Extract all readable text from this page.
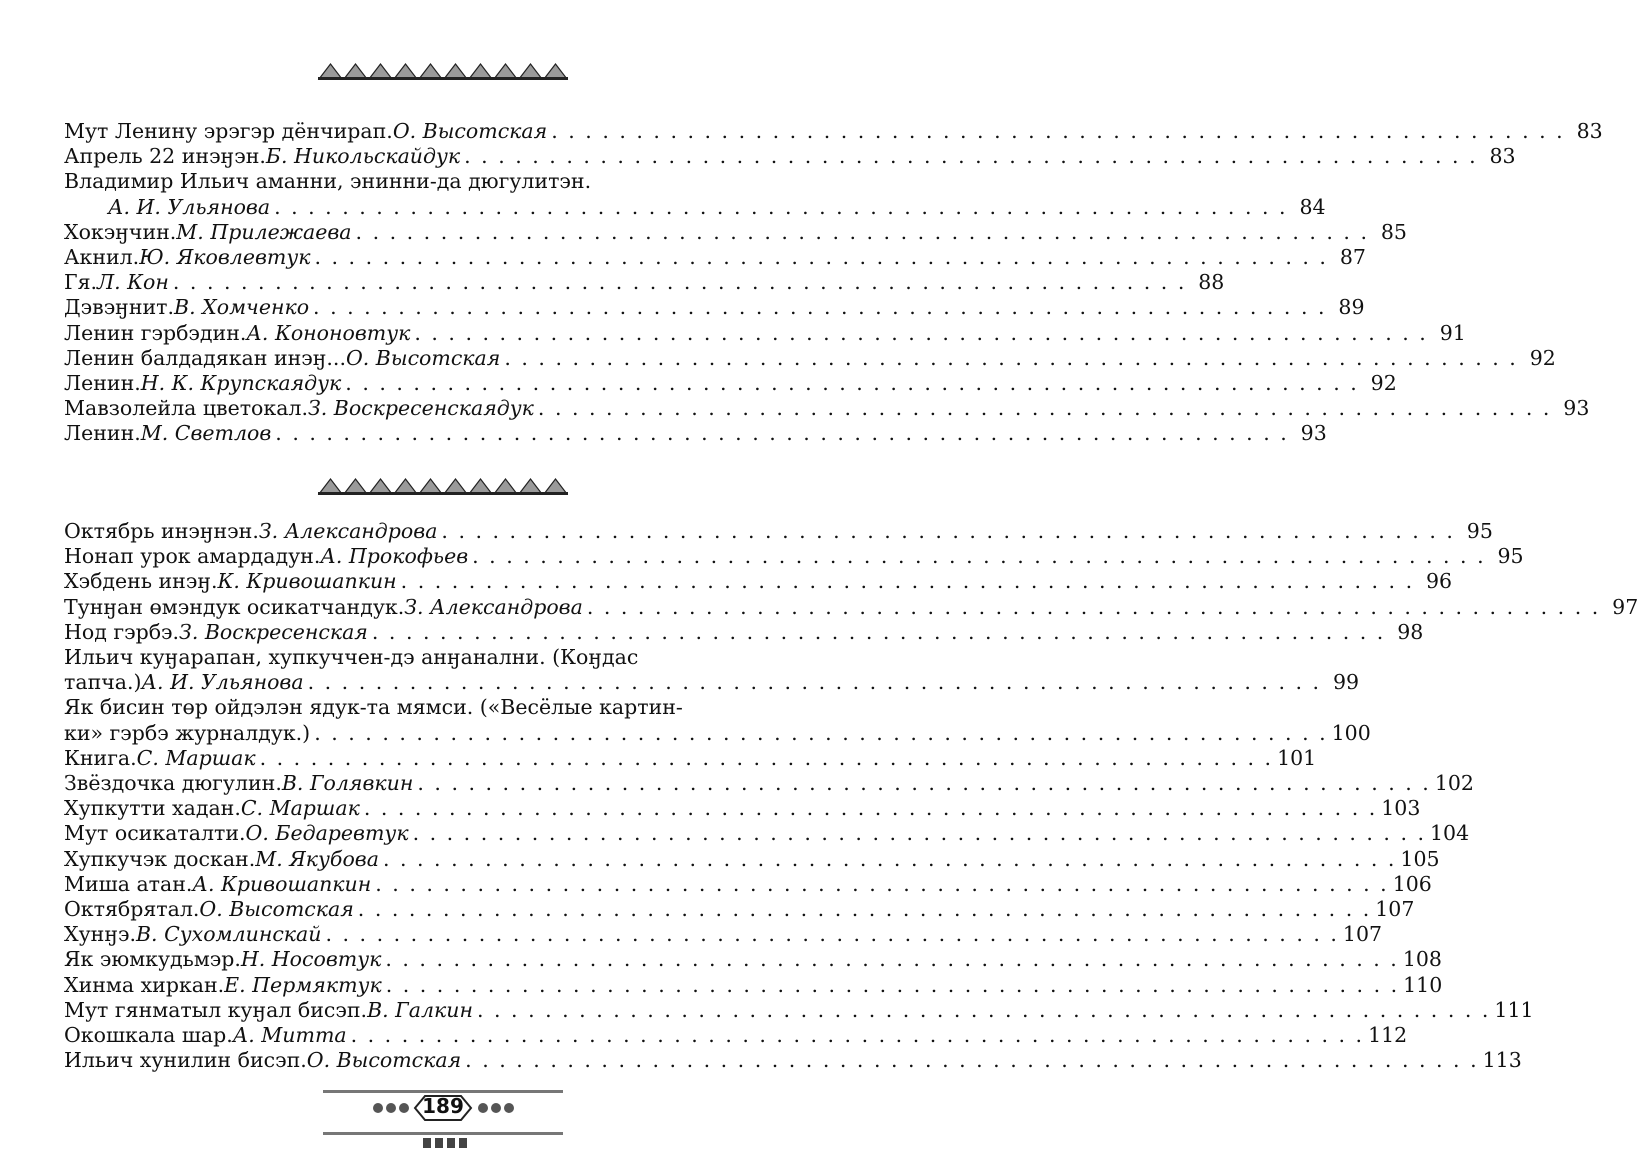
Мут Ленину эрэгэр дёнчирап. О. Высотская . . .	83
Апрель 22 инэӈэн. Б. Никольскайдук . . .	83
Владимир Ильич аманни, энинни-да дюгулитэн.
А. И. Ульянова . . .	84
Хокэӈчин. М. Прилежаева . . .	85
Акнил. Ю. Яковлевтук . . .	87
Гя. Л. Кон . . .	88
Дэвэӈнит. В. Хомченко . . .	89
Ленин гэрбэдин. А. Кононовтук . . .	91
Ленин балдадякан инэӈ... О. Высотская . . .	92
Ленин. Н. К. Крупскаядук . . .	92
Мавзолейла цветокал. З. Воскресенскаядук . . .	93
Ленин. М. Светлов . . .	93
Октябрь инэӈнэн. З. Александрова . . .	95
Нонап урок амардадун. А. Прокофьев . . .	95
Хэбдень инэӈ. К. Кривошапкин . . .	96
Тунӈан өмэндук осикатчандук. З. Александрова . . .	97
Нод гэрбэ. З. Воскресенская . . .	98
Ильич куӈарапан, хупкуччен-дэ анӈанални. (Коӈдас
тапча.) А. И. Ульянова . . .	99
Як бисин төр ойдэлэн ядук-та мямси. («Весёлые картин-
ки» гэрбэ журналдук.) . . .	100
Книга. С. Маршак . . .	101
Звёздочка дюгулин. В. Голявкин . . .	102
Хупкутти хадан. С. Маршак . . .	103
Мут осикаталти. О. Бедаревтук . . .	104
Хупкучэк доскан. М. Якубова . . .	105
Миша атан. А. Кривошапкин . . .	106
Октябрятал. О. Высотская . . .	107
Хунӈэ. В. Сухомлинскай . . .	107
Як эюмкудьмэр. Н. Носовтук . . .	108
Хинма хиркан. Е. Пермяктук . . .	110
Мут гянматыл куӈал бисэп. В. Галкин . . .	111
Окошкала шар. А. Митта . . .	112
Ильич хунилин бисэп. О. Высотская . . .	113
189
